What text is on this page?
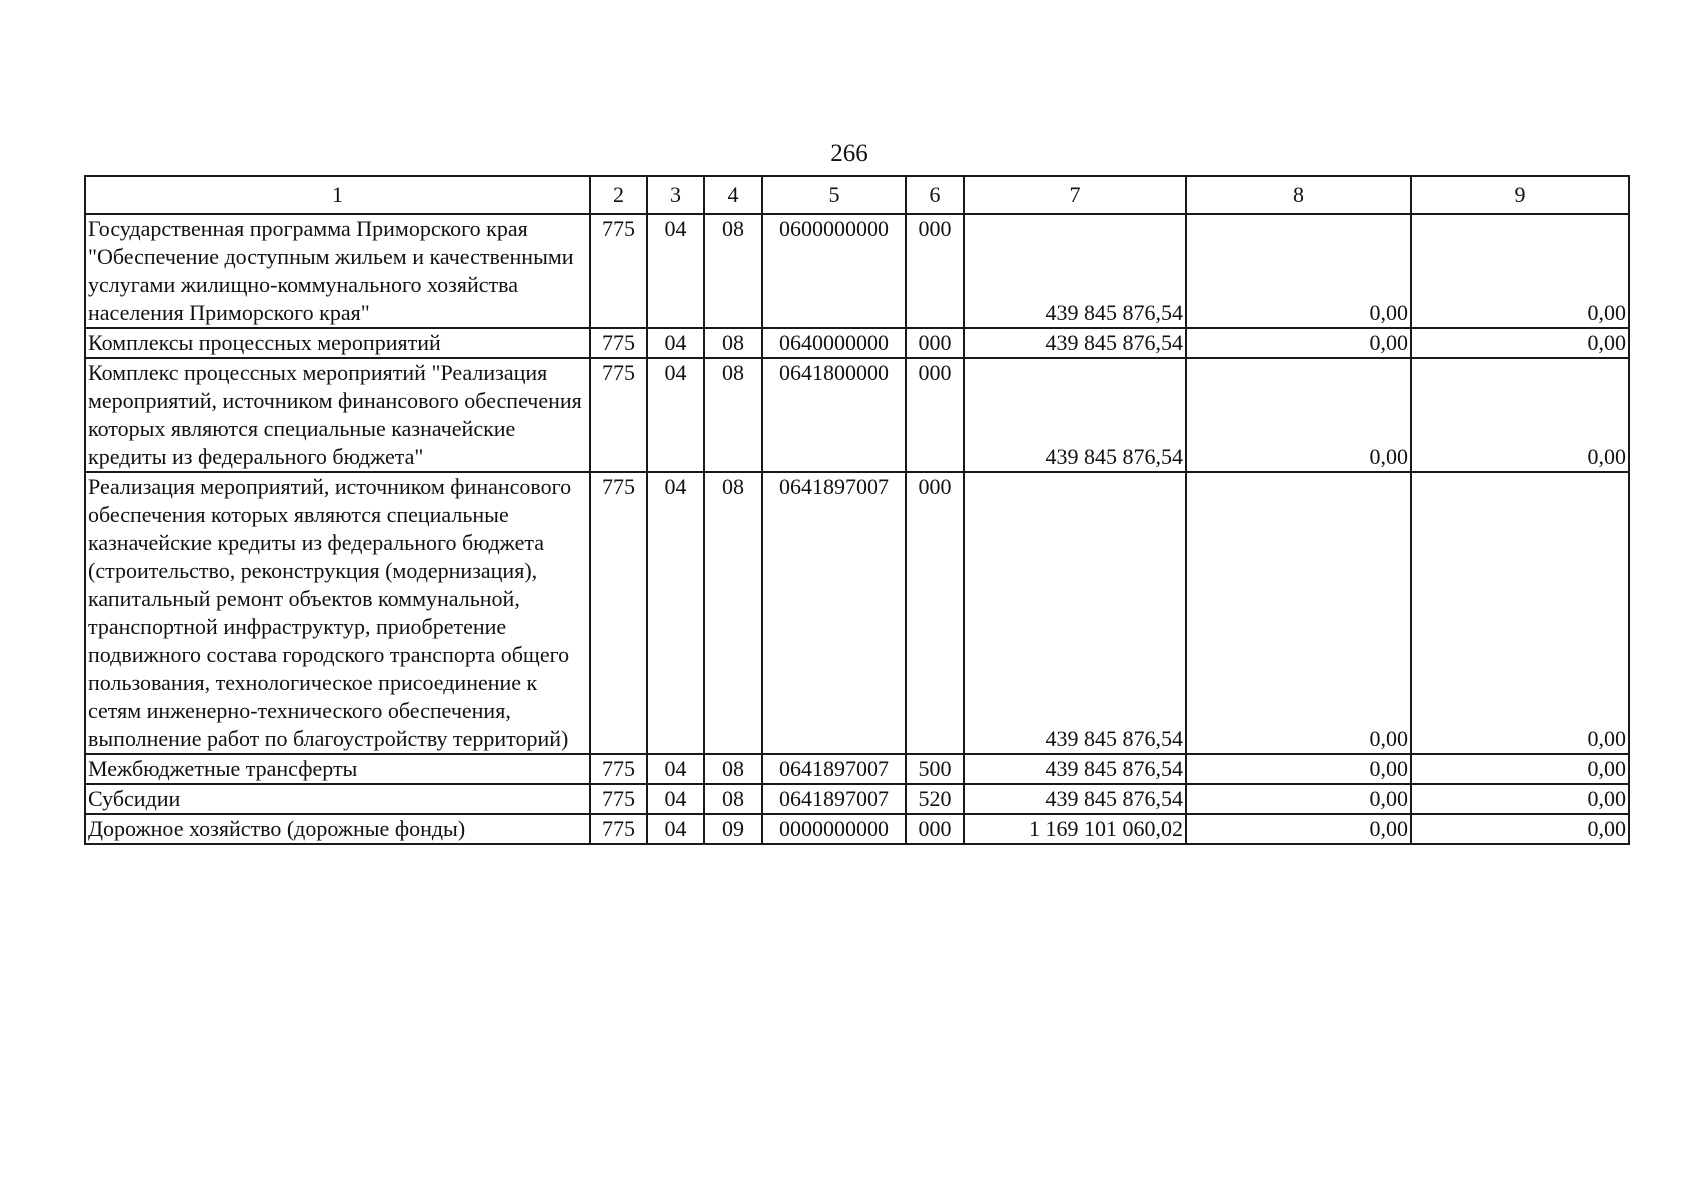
266
1	2	3	4	5	6	7	8	9
Государственная программа Приморского края "Обеспечение доступным жильем и качественными услугами жилищно-коммунального хозяйства населения Приморского края"	775	04	08	0600000000	000	439 845 876,54	0,00	0,00
Комплексы процессных мероприятий	775	04	08	0640000000	000	439 845 876,54	0,00	0,00
Комплекс процессных мероприятий "Реализация мероприятий, источником финансового обеспечения которых являются специальные казначейские кредиты из федерального бюджета"	775	04	08	0641800000	000	439 845 876,54	0,00	0,00
Реализация мероприятий, источником финансового обеспечения которых являются специальные казначейские кредиты из федерального бюджета (строительство, реконструкция (модернизация), капитальный ремонт объектов коммунальной, транспортной инфраструктур, приобретение подвижного состава городского транспорта общего пользования, технологическое присоединение к сетям инженерно-технического обеспечения, выполнение работ по благоустройству территорий)	775	04	08	0641897007	000	439 845 876,54	0,00	0,00
Межбюджетные трансферты	775	04	08	0641897007	500	439 845 876,54	0,00	0,00
Субсидии	775	04	08	0641897007	520	439 845 876,54	0,00	0,00
Дорожное хозяйство (дорожные фонды)	775	04	09	0000000000	000	1 169 101 060,02	0,00	0,00
